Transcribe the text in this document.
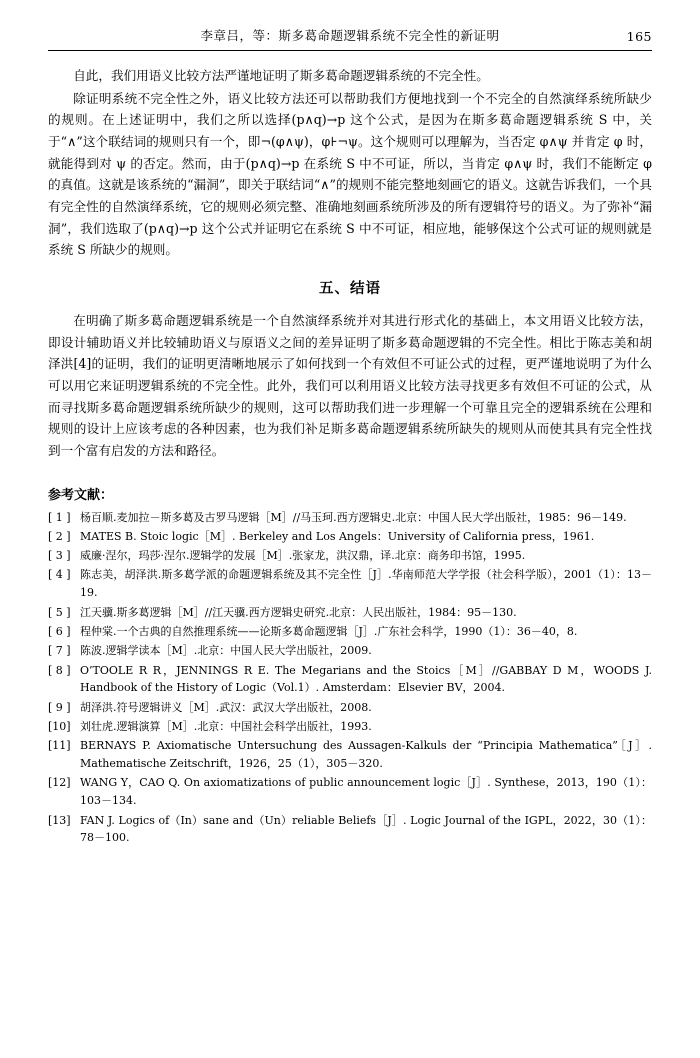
李章吕，等：斯多葛命题逻辑系统不完全性的新证明	165

自此，我们用语义比较方法严谨地证明了斯多葛命题逻辑系统的不完全性。

除证明系统不完全性之外，语义比较方法还可以帮助我们方便地找到一个不完全的自然演绎系统所缺少的规则。在上述证明中，我们之所以选择(p∧q)→p 这个公式，是因为在斯多葛命题逻辑系统 S 中，关于“∧”这个联结词的规则只有一个，即¬(φ∧ψ)，φ⊦¬ψ。这个规则可以理解为，当否定 φ∧ψ 并肯定 φ 时，就能得到对 ψ 的否定。然而，由于(p∧q)→p 在系统 S 中不可证，所以，当肯定 φ∧ψ 时，我们不能断定 φ 的真值。这就是该系统的“漏洞”，即关于联结词“∧”的规则不能完整地刻画它的语义。这就告诉我们，一个具有完全性的自然演绎系统，它的规则必须完整、准确地刻画系统所涉及的所有逻辑符号的语义。为了弥补“漏洞”，我们选取了(p∧q)→p 这个公式并证明它在系统 S 中不可证，相应地，能够保这个公式可证的规则就是系统 S 所缺少的规则。

五、结语

在明确了斯多葛命题逻辑系统是一个自然演绎系统并对其进行形式化的基础上，本文用语义比较方法，即设计辅助语义并比较辅助语义与原语义之间的差异证明了斯多葛命题逻辑的不完全性。相比于陈志美和胡泽洪[4]的证明，我们的证明更清晰地展示了如何找到一个有效但不可证公式的过程，更严谨地说明了为什么可以用它来证明逻辑系统的不完全性。此外，我们可以利用语义比较方法寻找更多有效但不可证的公式，从而寻找斯多葛命题逻辑系统所缺少的规则，这可以帮助我们进一步理解一个可靠且完全的逻辑系统在公理和规则的设计上应该考虑的各种因素，也为我们补足斯多葛命题逻辑系统所缺失的规则从而使其具有完全性找到一个富有启发的方法和路径。

参考文献：
[ 1 ] 杨百顺.麦加拉－斯多葛及古罗马逻辑［M］//马玉珂.西方逻辑史.北京：中国人民大学出版社，1985：96－149.
[ 2 ] MATES B. Stoic logic［M］. Berkeley and Los Angels：University of California press，1961.
[ 3 ] 威廉·涅尔，玛莎·涅尔.逻辑学的发展［M］.张家龙，洪汉鼎，译.北京：商务印书馆，1995.
[ 4 ] 陈志美，胡泽洪.斯多葛学派的命题逻辑系统及其不完全性［J］.华南师范大学学报（社会科学版），2001（1）：13－19.
[ 5 ] 江天骥.斯多葛逻辑［M］//江天骥.西方逻辑史研究.北京：人民出版社，1984：95－130.
[ 6 ] 程仲棠.一个古典的自然推理系统——论斯多葛命题逻辑［J］.广东社会科学，1990（1）：36－40，8.
[ 7 ] 陈波.逻辑学读本［M］.北京：中国人民大学出版社，2009.
[ 8 ] O’TOOLE R R，JENNINGS R E. The Megarians and the Stoics［M］//GABBAY D M，WOODS J. Handbook of the History of Logic（Vol.1）. Amsterdam：Elsevier BV，2004.
[ 9 ] 胡泽洪.符号逻辑讲义［M］.武汉：武汉大学出版社，2008.
[10] 刘壮虎.逻辑演算［M］.北京：中国社会科学出版社，1993.
[11] BERNAYS P. Axiomatische Untersuchung des Aussagen-Kalkuls der “Principia Mathematica”［J］. Mathematische Zeitschrift，1926，25（1），305－320.
[12] WANG Y，CAO Q. On axiomatizations of public announcement logic［J］. Synthese，2013，190（1）：103－134.
[13] FAN J. Logics of（In）sane and（Un）reliable Beliefs［J］. Logic Journal of the IGPL，2022，30（1）：78－100.
